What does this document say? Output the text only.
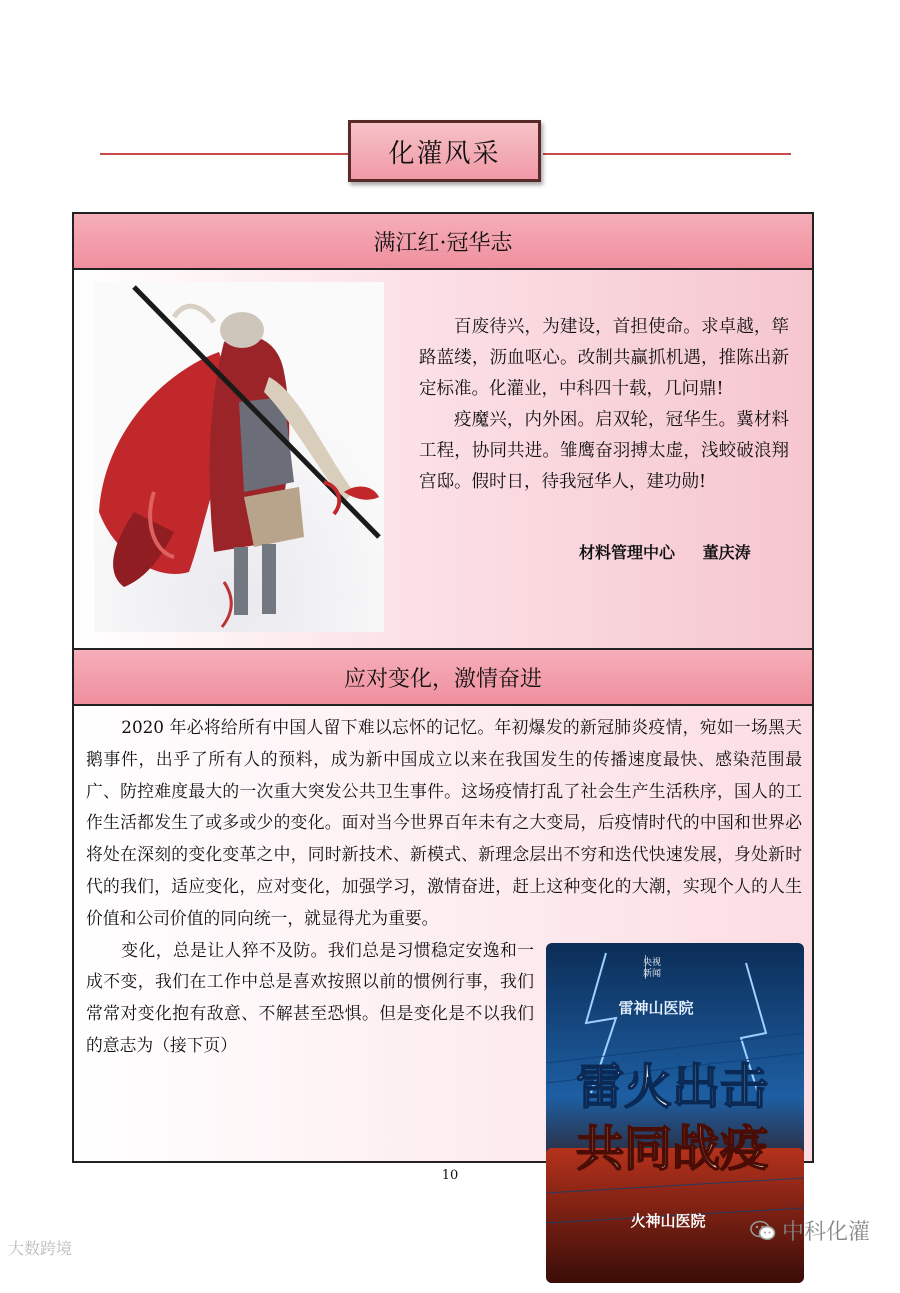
化灌风采
满江红·冠华志

百废待兴，为建设，首担使命。求卓越，筚路蓝缕，沥血呕心。改制共赢抓机遇，推陈出新定标准。化灌业，中科四十载，几问鼎!

疫魔兴，内外困。启双轮，冠华生。冀材料工程，协同共进。雏鹰奋羽搏太虚，浅蛟破浪翔宫邸。假时日，待我冠华人，建功勋!

材料管理中心 董庆涛
应对变化，激情奋进

2020 年必将给所有中国人留下难以忘怀的记忆。年初爆发的新冠肺炎疫情，宛如一场黑天鹅事件，出乎了所有人的预料，成为新中国成立以来在我国发生的传播速度最快、感染范围最广、防控难度最大的一次重大突发公共卫生事件。这场疫情打乱了社会生产生活秩序，国人的工作生活都发生了或多或少的变化。面对当今世界百年未有之大变局，后疫情时代的中国和世界必将处在深刻的变化变革之中，同时新技术、新模式、新理念层出不穷和迭代快速发展，身处新时代的我们，适应变化，应对变化，加强学习，激情奋进，赶上这种变化的大潮，实现个人的人生价值和公司价值的同向统一，就显得尤为重要。

央视
新闻
雷神山医院
雷火出击
共同战疫
火神山医院

变化，总是让人猝不及防。我们总是习惯稳定安逸和一成不变，我们在工作中总是喜欢按照以前的惯例行事，我们常常对变化抱有敌意、不解甚至恐惧。但是变化是不以我们的意志为（接下页）

10
大数跨境
中科化灌
